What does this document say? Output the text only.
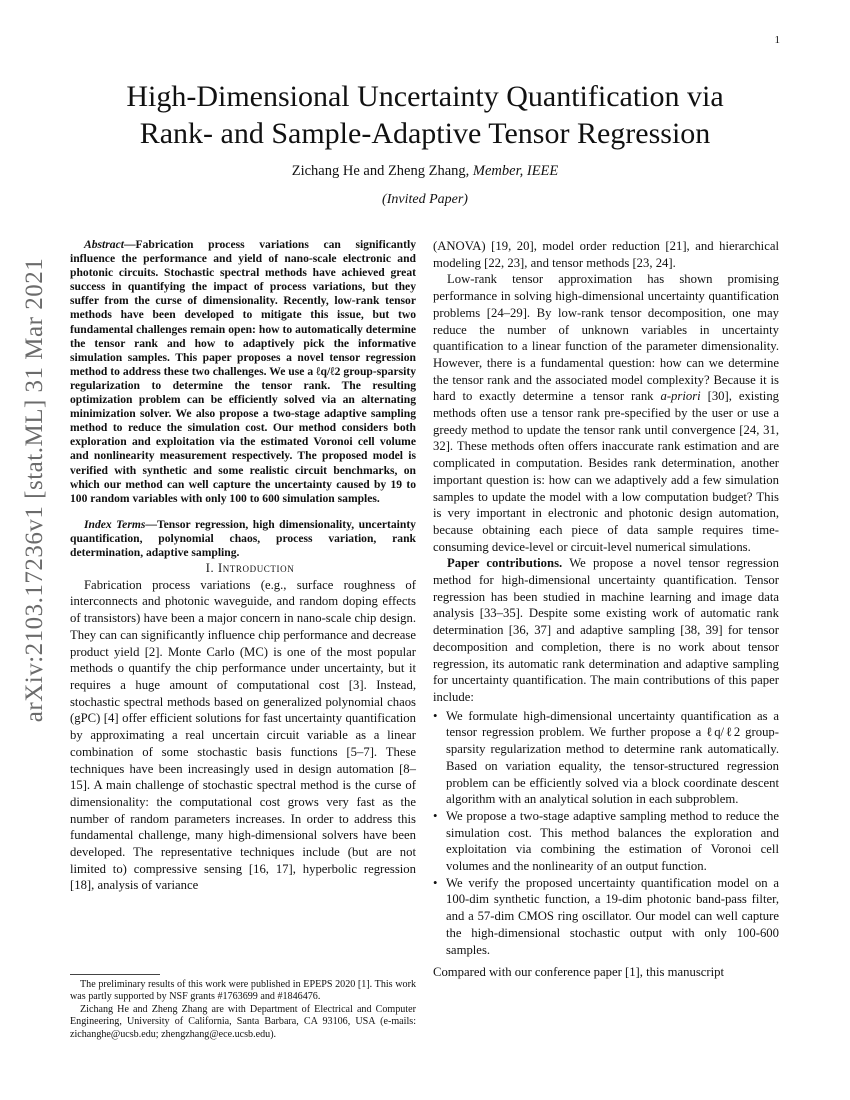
1
arXiv:2103.17236v1 [stat.ML] 31 Mar 2021
High-Dimensional Uncertainty Quantification via
Rank- and Sample-Adaptive Tensor Regression
Zichang He and Zheng Zhang, Member, IEEE
(Invited Paper)

Abstract—Fabrication process variations can significantly influence the performance and yield of nano-scale electronic and photonic circuits. Stochastic spectral methods have achieved great success in quantifying the impact of process variations, but they suffer from the curse of dimensionality. Recently, low-rank tensor methods have been developed to mitigate this issue, but two fundamental challenges remain open: how to automatically determine the tensor rank and how to adaptively pick the informative simulation samples. This paper proposes a novel tensor regression method to address these two challenges. We use a ℓq/ℓ2 group-sparsity regularization to determine the tensor rank. The resulting optimization problem can be efficiently solved via an alternating minimization solver. We also propose a two-stage adaptive sampling method to reduce the simulation cost. Our method considers both exploration and exploitation via the estimated Voronoi cell volume and nonlinearity measurement respectively. The proposed model is verified with synthetic and some realistic circuit benchmarks, on which our method can well capture the uncertainty caused by 19 to 100 random variables with only 100 to 600 simulation samples.

Index Terms—Tensor regression, high dimensionality, uncertainty quantification, polynomial chaos, process variation, rank determination, adaptive sampling.

I. Introduction

Fabrication process variations (e.g., surface roughness of interconnects and photonic waveguide, and random doping effects of transistors) have been a major concern in nano-scale chip design. They can can significantly influence chip performance and decrease product yield [2]. Monte Carlo (MC) is one of the most popular methods o quantify the chip performance under uncertainty, but it requires a huge amount of computational cost [3]. Instead, stochastic spectral methods based on generalized polynomial chaos (gPC) [4] offer efficient solutions for fast uncertainty quantification by approximating a real uncertain circuit variable as a linear combination of some stochastic basis functions [5–7]. These techniques have been increasingly used in design automation [8–15]. A main challenge of stochastic spectral method is the curse of dimensionality: the computational cost grows very fast as the number of random parameters increases. In order to address this fundamental challenge, many high-dimensional solvers have been developed. The representative techniques include (but are not limited to) compressive sensing [16, 17], hyperbolic regression [18], analysis of variance

The preliminary results of this work were published in EPEPS 2020 [1]. This work was partly supported by NSF grants #1763699 and #1846476.

Zichang He and Zheng Zhang are with Department of Electrical and Computer Engineering, University of California, Santa Barbara, CA 93106, USA (e-mails: zichanghe@ucsb.edu; zhengzhang@ece.ucsb.edu).

(ANOVA) [19, 20], model order reduction [21], and hierarchical modeling [22, 23], and tensor methods [23, 24].

Low-rank tensor approximation has shown promising performance in solving high-dimensional uncertainty quantification problems [24–29]. By low-rank tensor decomposition, one may reduce the number of unknown variables in uncertainty quantification to a linear function of the parameter dimensionality. However, there is a fundamental question: how can we determine the tensor rank and the associated model complexity? Because it is hard to exactly determine a tensor rank a-priori [30], existing methods often use a tensor rank pre-specified by the user or use a greedy method to update the tensor rank until convergence [24, 31, 32]. These methods often offers inaccurate rank estimation and are complicated in computation. Besides rank determination, another important question is: how can we adaptively add a few simulation samples to update the model with a low computation budget? This is very important in electronic and photonic design automation, because obtaining each piece of data sample requires time-consuming device-level or circuit-level numerical simulations.

Paper contributions. We propose a novel tensor regression method for high-dimensional uncertainty quantification. Tensor regression has been studied in machine learning and image data analysis [33–35]. Despite some existing work of automatic rank determination [36, 37] and adaptive sampling [38, 39] for tensor decomposition and completion, there is no work about tensor regression, its automatic rank determination and adaptive sampling for uncertainty quantification. The main contributions of this paper include:

• We formulate high-dimensional uncertainty quantification as a tensor regression problem. We further propose a ℓq/ℓ2 group-sparsity regularization method to determine rank automatically. Based on variation equality, the tensor-structured regression problem can be efficiently solved via a block coordinate descent algorithm with an analytical solution in each subproblem.
• We propose a two-stage adaptive sampling method to reduce the simulation cost. This method balances the exploration and exploitation via combining the estimation of Voronoi cell volumes and the nonlinearity of an output function.
• We verify the proposed uncertainty quantification model on a 100-dim synthetic function, a 19-dim photonic band-pass filter, and a 57-dim CMOS ring oscillator. Our model can well capture the high-dimensional stochastic output with only 100-600 samples.

Compared with our conference paper [1], this manuscript
